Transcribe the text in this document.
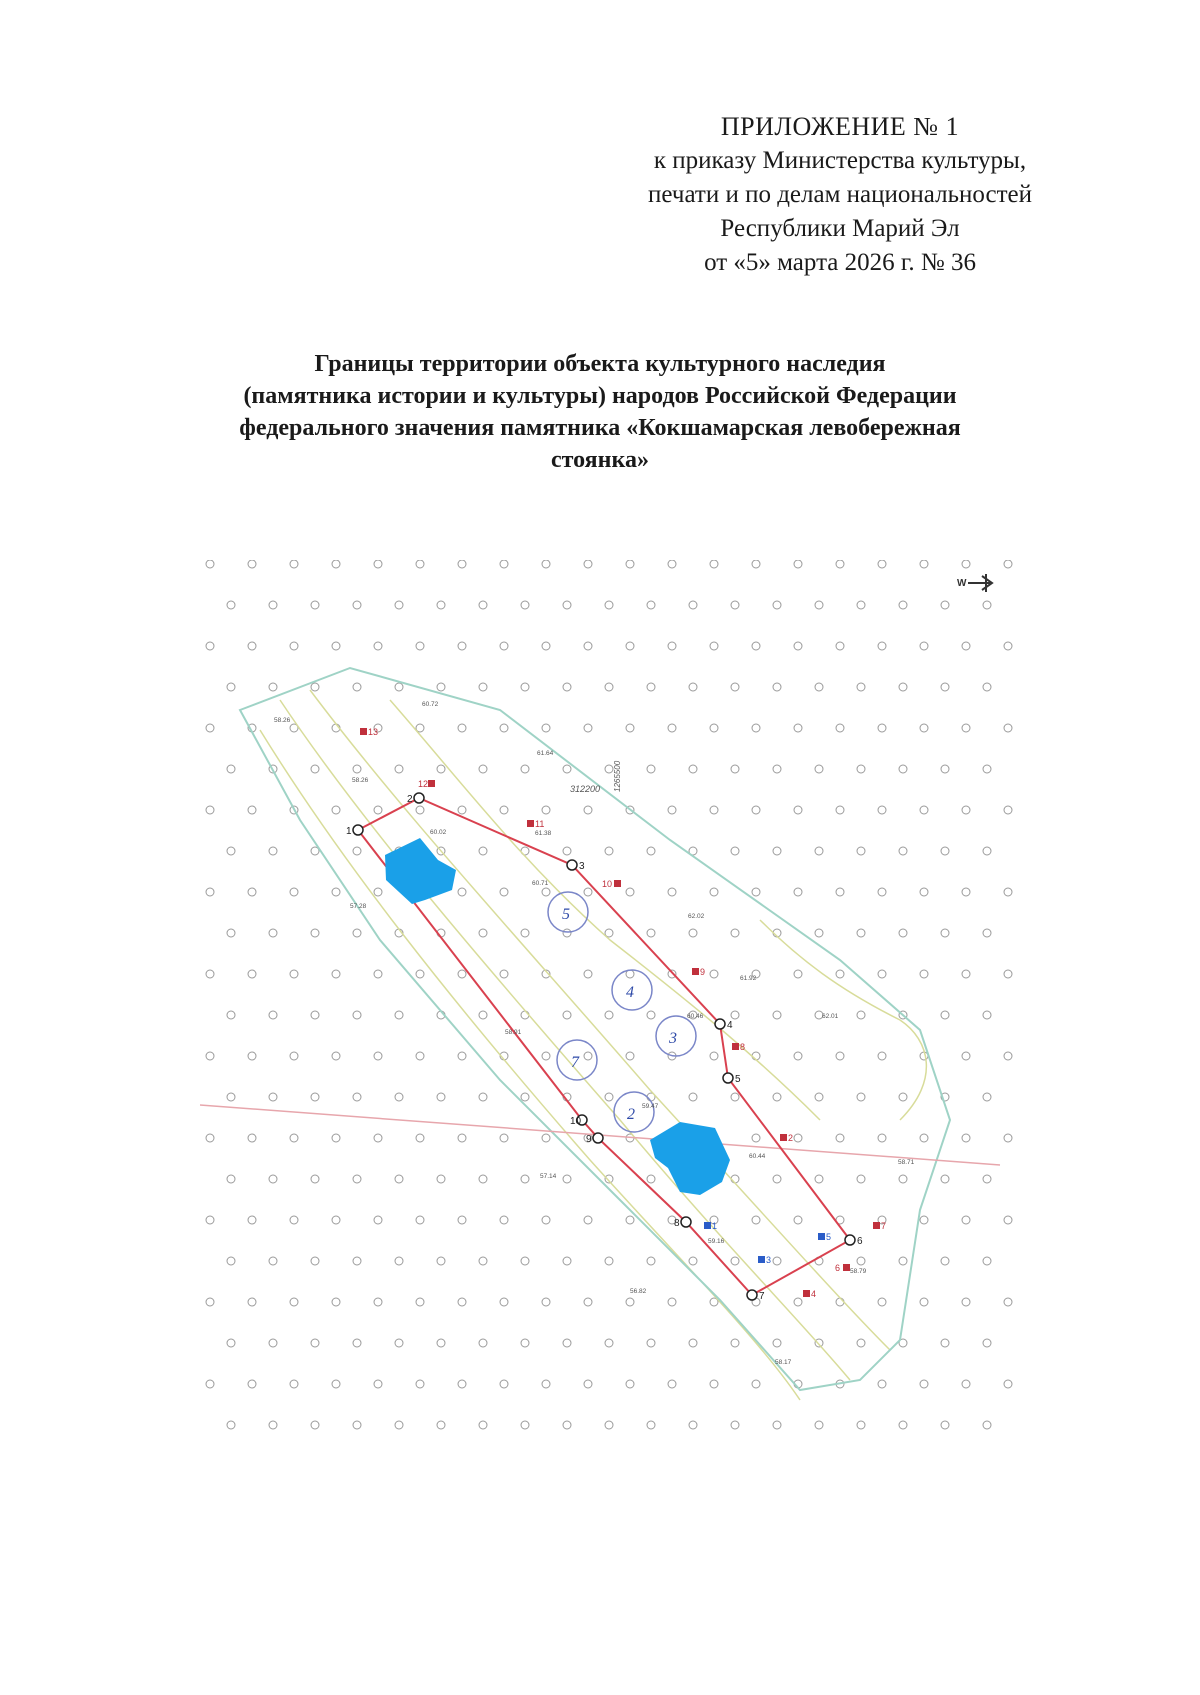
ПРИЛОЖЕНИЕ № 1
к приказу Министерства культуры,
печати и по делам национальностей
Республики Марий Эл
от «5» марта 2026 г. № 36
Границы территории объекта культурного наследия
(памятника истории и культуры) народов Российской Федерации
федерального значения памятника «Кокшамарская левобережная
стоянка»
1
2
3
4
5
6
7
8
9
10
5
4
3
7
2
13
12
11
10
9
8
2
7
4
6
1
3
5
58.26
60.72
61.64
58.26
60.02	61.38
60.71
57.28
62.02
61.92
60.46	62.01
58.91
59.47
60.44
58.71
57.14
59.16
56.82
58.79
58.17
312200 1265500
W
